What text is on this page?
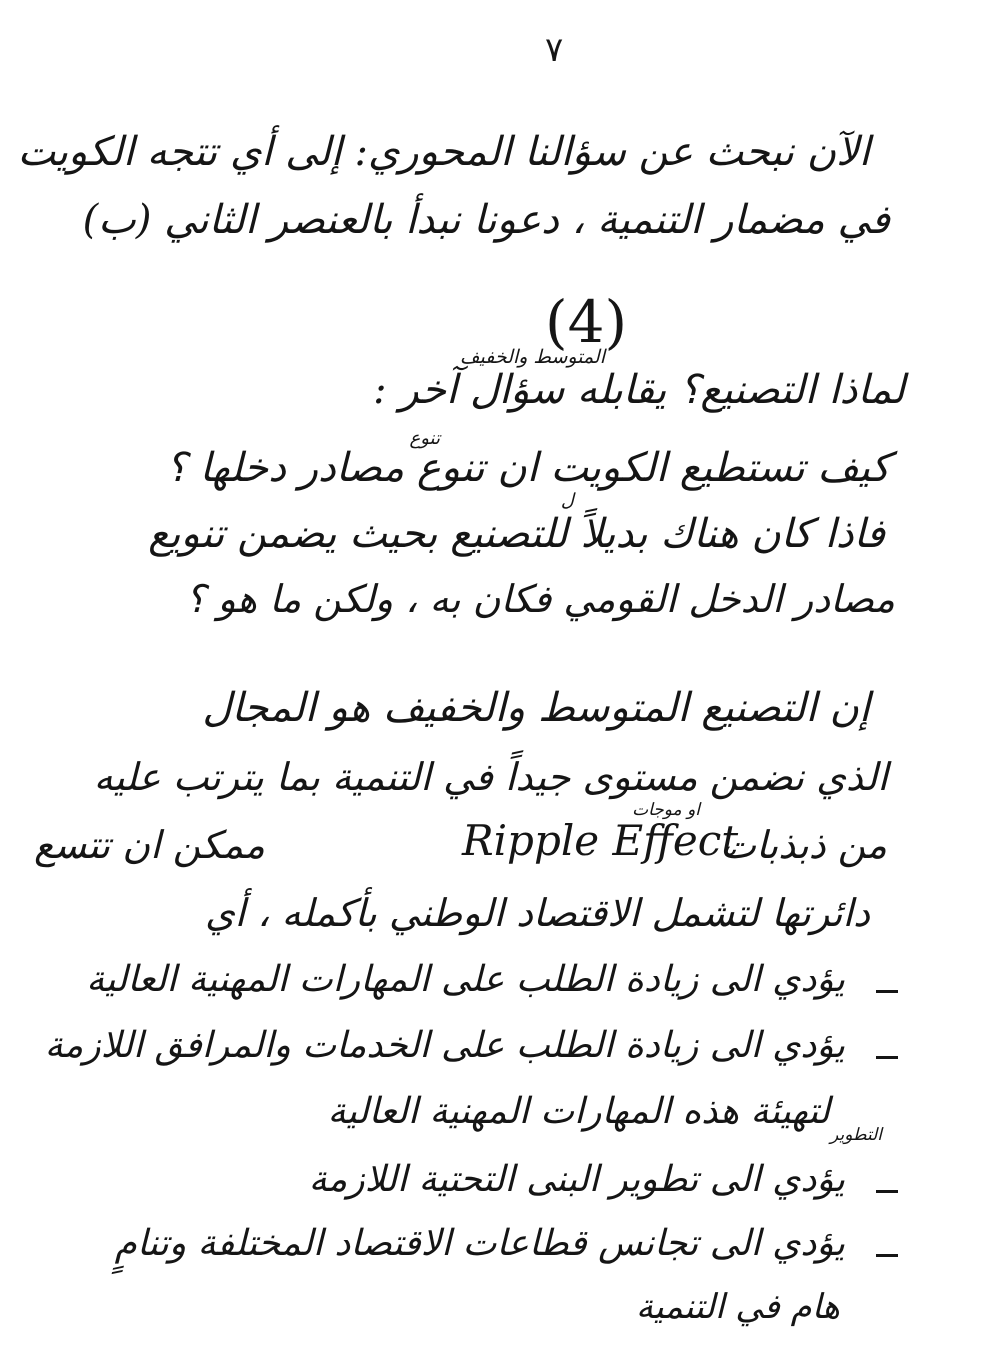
٧
الآن نبحث عن سؤالنا المحوري: إلى أي تتجه الكويت
في مضمار التنمية ، دعونا نبدأ بالعنصر الثاني (ب)
(4)
المتوسط والخفيف
تنوع
ل
لماذا التصنيع؟ يقابله سؤال آخر :
كيف تستطيع الكويت ان تنوع مصادر دخلها ؟
فاذا كان هناك بديلاً للتصنيع بحيث يضمن تنويع
مصادر الدخل القومي فكان به ، ولكن ما هو ؟
إن التصنيع المتوسط والخفيف هو المجال
الذي نضمن مستوى جيداً في التنمية بما يترتب عليه
او موجات
من ذبذبات
Ripple Effect
ممكن ان تتسع
دائرتها لتشمل الاقتصاد الوطني بأكمله ، أي
يؤدي الى زيادة الطلب على المهارات المهنية العالية
يؤدي الى زيادة الطلب على الخدمات والمرافق اللازمة
لتهيئة هذه المهارات المهنية العالية
التطوير
يؤدي الى تطوير البنى التحتية اللازمة
يؤدي الى تجانس قطاعات الاقتصاد المختلفة وتنامٍ
هام في التنمية
